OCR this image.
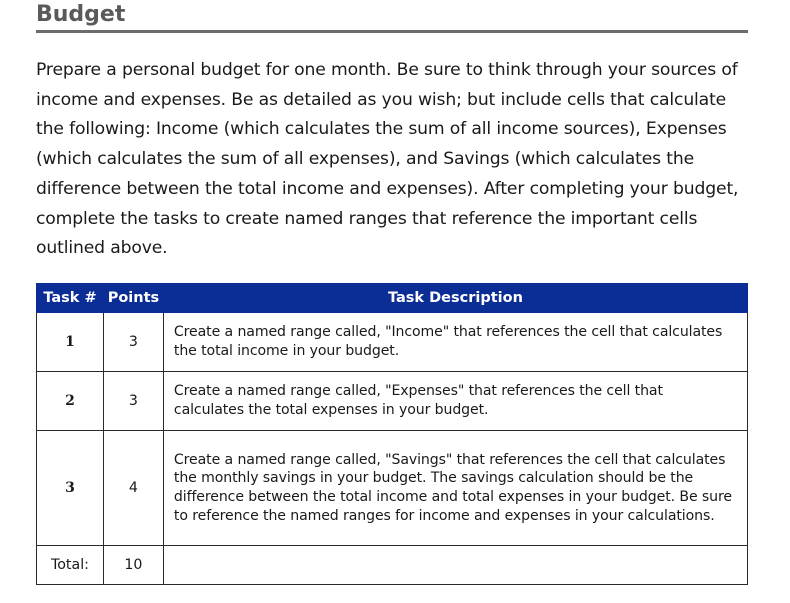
Budget

Prepare a personal budget for one month. Be sure to think through your sources of income and expenses. Be as detailed as you wish; but include cells that calculate the following: Income (which calculates the sum of all income sources), Expenses (which calculates the sum of all expenses), and Savings (which calculates the difference between the total income and expenses). After completing your budget, complete the tasks to create named ranges that reference the important cells outlined above.

Task #	Points	Task Description
1	3	Create a named range called, "Income" that references the cell that calculates the total income in your budget.

2	3	Create a named range called, "Expenses" that references the cell that calculates the total expenses in your budget.

3	4	Create a named range called, "Savings" that references the cell that calculates the monthly savings in your budget. The savings calculation should be the difference between the total income and total expenses in your budget. Be sure to reference the named ranges for income and expenses in your calculations.

Total:	10	
